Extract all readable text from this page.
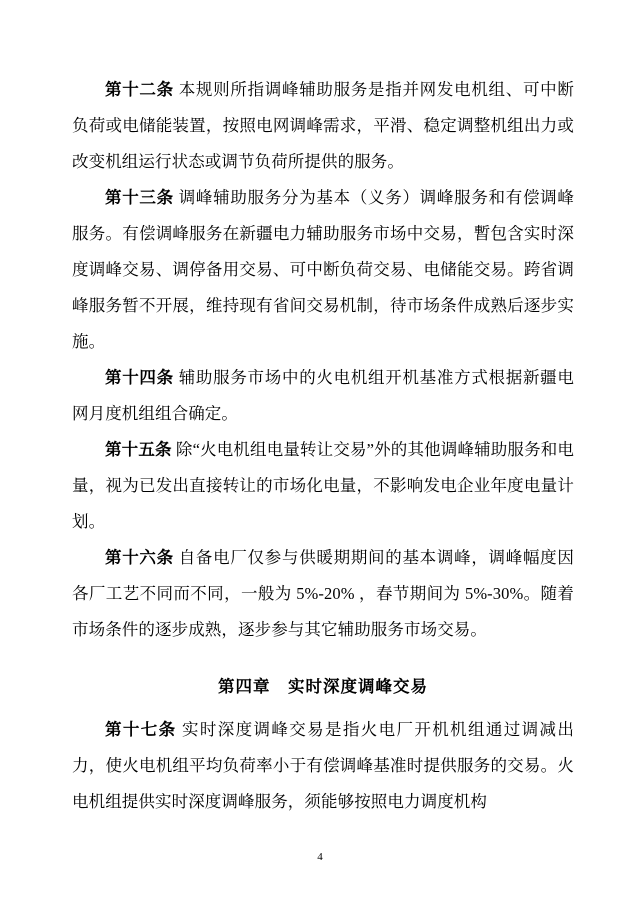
第十二条 本规则所指调峰辅助服务是指并网发电机组、可中断负荷或电储能装置，按照电网调峰需求，平滑、稳定调整机组出力或改变机组运行状态或调节负荷所提供的服务。

第十三条 调峰辅助服务分为基本（义务）调峰服务和有偿调峰服务。有偿调峰服务在新疆电力辅助服务市场中交易，暫包含实时深度调峰交易、调停备用交易、可中断负荷交易、电储能交易。跨省调峰服务暂不开展，维持现有省间交易机制，待市场条件成熟后逐步实施。

第十四条 辅助服务市场中的火电机组开机基准方式根据新疆电网月度机组组合确定。

第十五条 除“火电机组电量转让交易”外的其他调峰辅助服务和电量，视为已发出直接转让的市场化电量，不影响发电企业年度电量计划。

第十六条 自备电厂仅参与供暖期期间的基本调峰，调峰幅度因各厂工艺不同而不同，一般为 5%-20% ，春节期间为 5%-30%。随着市场条件的逐步成熟，逐步参与其它辅助服务市场交易。

第四章　实时深度调峰交易

第十七条 实时深度调峰交易是指火电厂开机机组通过调减出力，使火电机组平均负荷率小于有偿调峰基准时提供服务的交易。火电机组提供实时深度调峰服务，须能够按照电力调度机构

4
